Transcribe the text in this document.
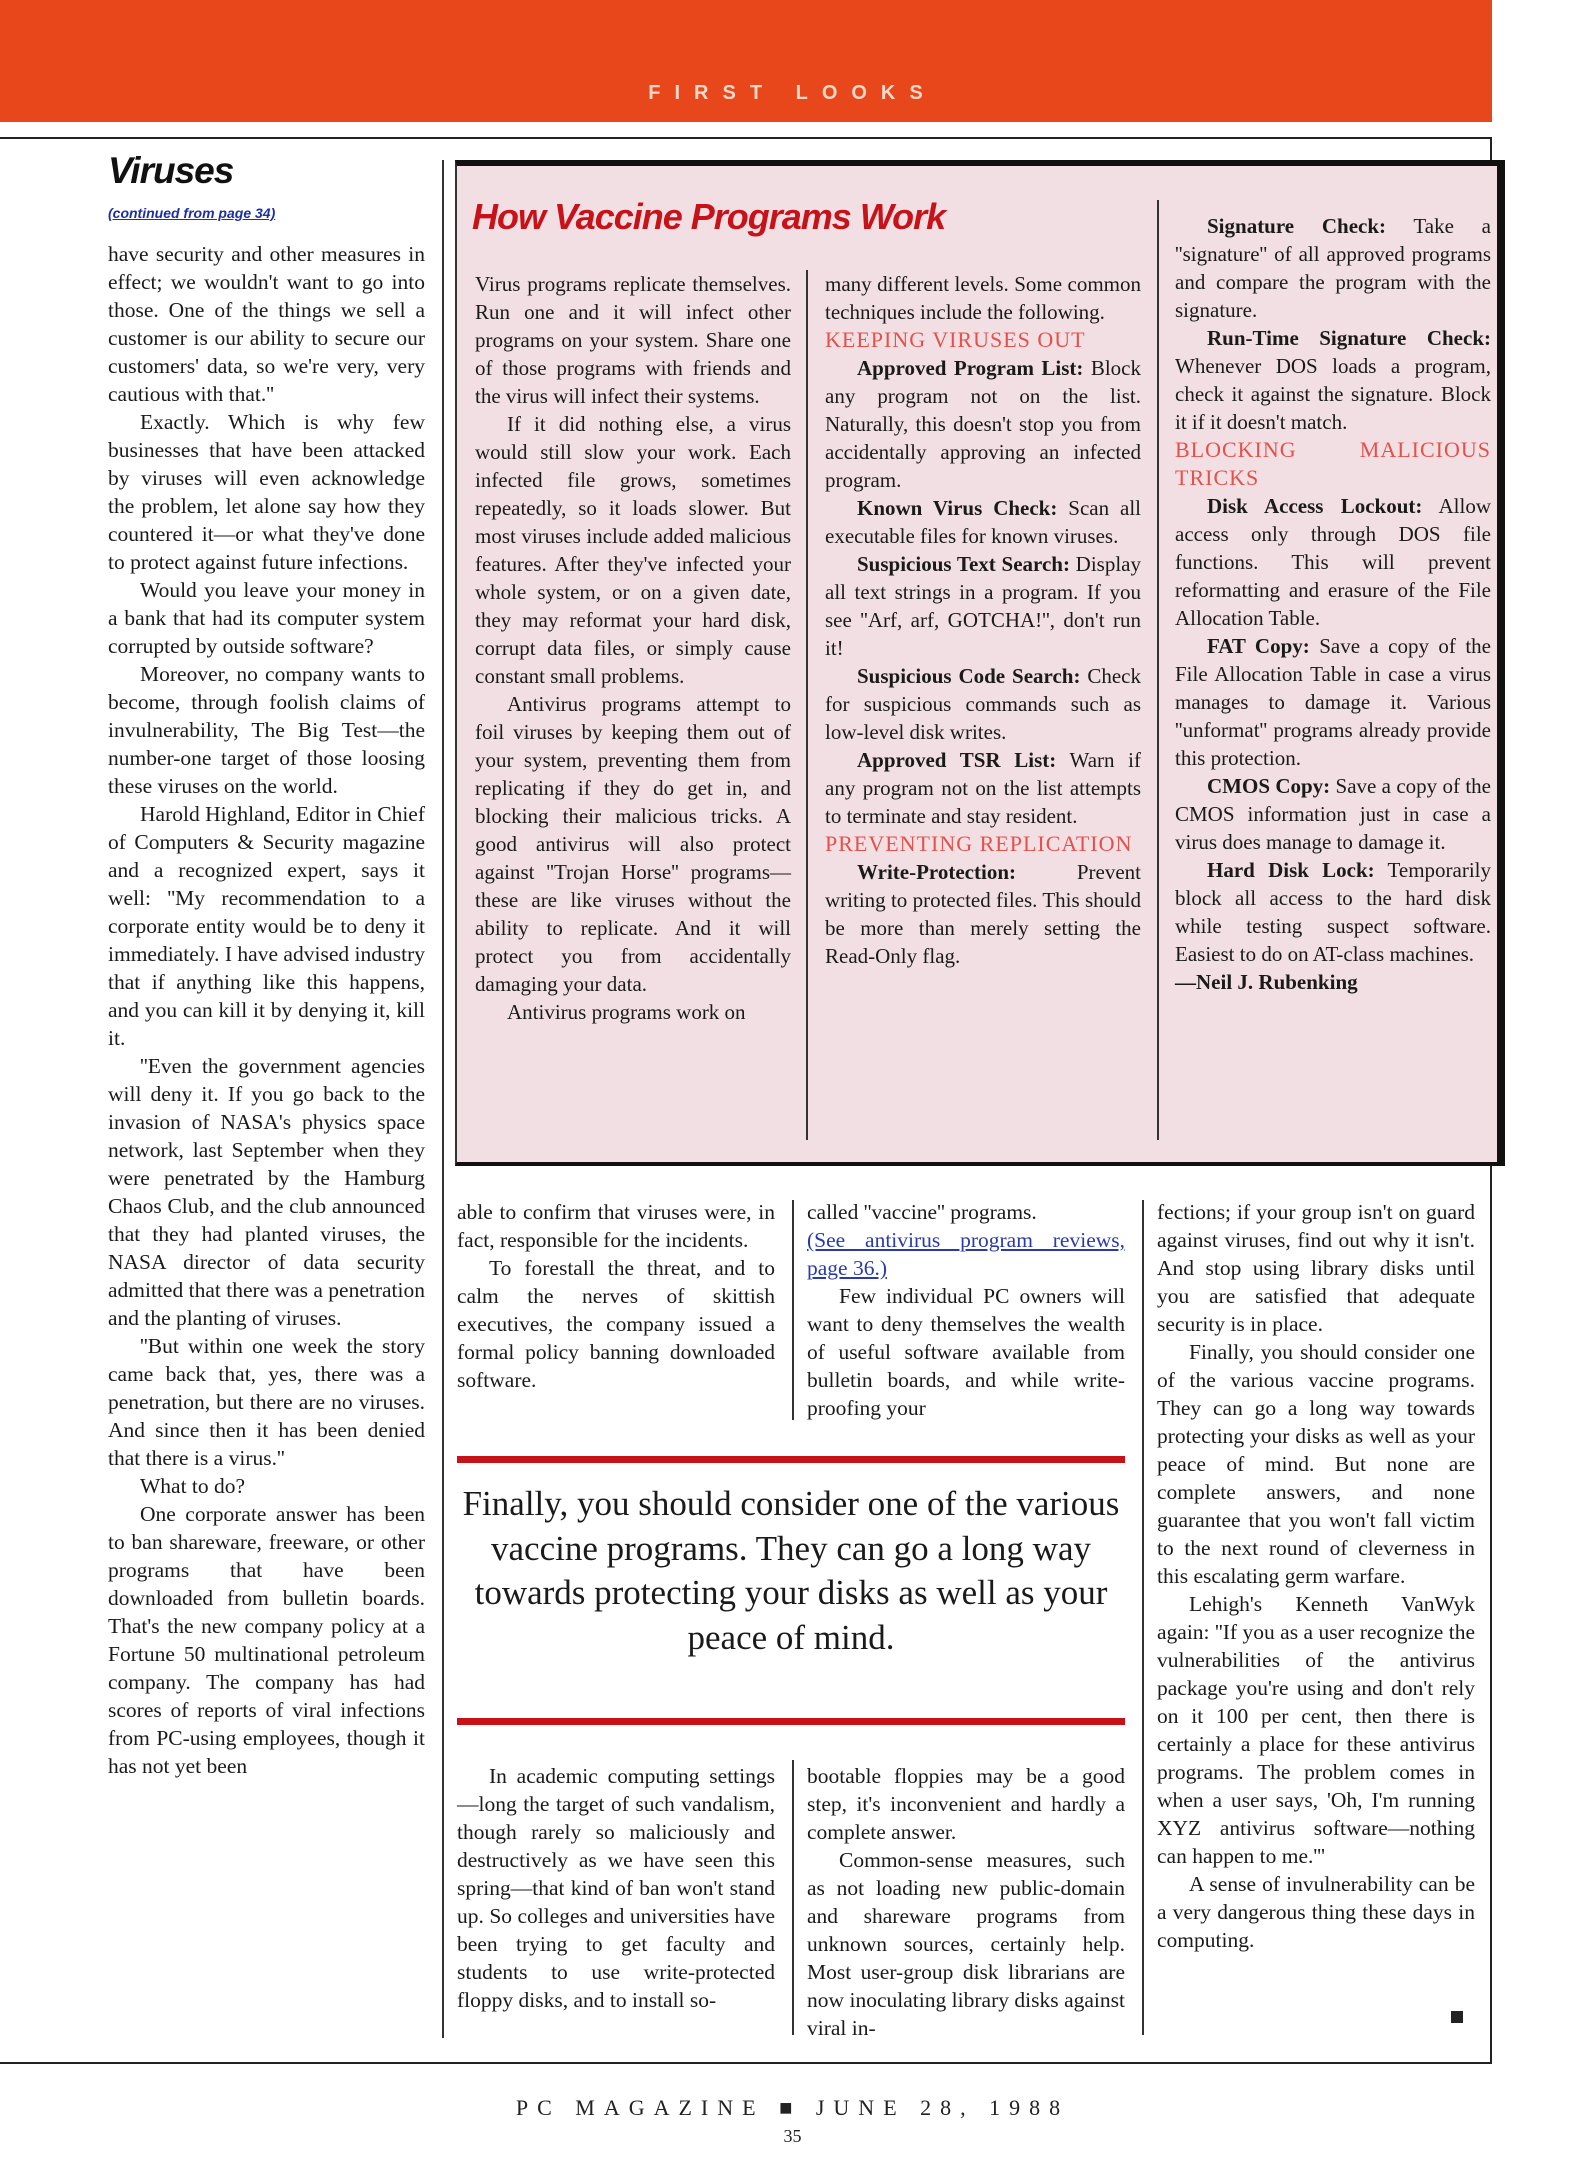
FIRST LOOKS
Viruses
(continued from page 34)

have security and other measures in effect; we wouldn't want to go into those. One of the things we sell a customer is our ability to secure our customers' data, so we're very, very cautious with that.''

Exactly. Which is why few businesses that have been attacked by viruses will even acknowledge the problem, let alone say how they countered it—or what they've done to protect against future infections.

Would you leave your money in a bank that had its computer system corrupted by outside software?

Moreover, no company wants to become, through foolish claims of invulnerability, The Big Test—the number-one target of those loosing these viruses on the world.

Harold Highland, Editor in Chief of Computers & Security magazine and a recognized expert, says it well: ''My recommendation to a corporate entity would be to deny it immediately. I have advised industry that if anything like this happens, and you can kill it by denying it, kill it.

''Even the government agencies will deny it. If you go back to the invasion of NASA's physics space network, last September when they were penetrated by the Hamburg Chaos Club, and the club announced that they had planted viruses, the NASA director of data security admitted that there was a penetration and the planting of viruses.

''But within one week the story came back that, yes, there was a penetration, but there are no viruses. And since then it has been denied that there is a virus.''

What to do?

One corporate answer has been to ban shareware, freeware, or other programs that have been downloaded from bulletin boards. That's the new company policy at a Fortune 50 multinational petroleum company. The company has had scores of reports of viral infections from PC-using employees, though it has not yet been

How Vaccine Programs Work

Virus programs replicate themselves. Run one and it will infect other programs on your system. Share one of those programs with friends and the virus will infect their systems.

If it did nothing else, a virus would still slow your work. Each infected file grows, sometimes repeatedly, so it loads slower. But most viruses include added malicious features. After they've infected your whole system, or on a given date, they may reformat your hard disk, corrupt data files, or simply cause constant small problems.

Antivirus programs attempt to foil viruses by keeping them out of your system, preventing them from replicating if they do get in, and blocking their malicious tricks. A good antivirus will also protect against ''Trojan Horse'' programs—these are like viruses without the ability to replicate. And it will protect you from accidentally damaging your data.

Antivirus programs work on

many different levels. Some common techniques include the following.

KEEPING VIRUSES OUT

Approved Program List: Block any program not on the list. Naturally, this doesn't stop you from accidentally approving an infected program.

Known Virus Check: Scan all executable files for known viruses.

Suspicious Text Search: Display all text strings in a program. If you see ''Arf, arf, GOTCHA!'', don't run it!

Suspicious Code Search: Check for suspicious commands such as low-level disk writes.

Approved TSR List: Warn if any program not on the list attempts to terminate and stay resident.

PREVENTING REPLICATION

Write-Protection: Prevent writing to protected files. This should be more than merely setting the Read-Only flag.

Signature Check: Take a ''signature'' of all approved programs and compare the program with the signature.

Run-Time Signature Check: Whenever DOS loads a program, check it against the signature. Block it if it doesn't match.

BLOCKING MALICIOUS TRICKS

Disk Access Lockout: Allow access only through DOS file functions. This will prevent reformatting and erasure of the File Allocation Table.

FAT Copy: Save a copy of the File Allocation Table in case a virus manages to damage it. Various ''unformat'' programs already provide this protection.

CMOS Copy: Save a copy of the CMOS information just in case a virus does manage to damage it.

Hard Disk Lock: Temporarily block all access to the hard disk while testing suspect software. Easiest to do on AT-class machines.

—Neil J. Rubenking

able to confirm that viruses were, in fact, responsible for the incidents.

To forestall the threat, and to calm the nerves of skittish executives, the company issued a formal policy banning downloaded software.

called ''vaccine'' programs.

(See antivirus program reviews, page 36.)

Few individual PC owners will want to deny themselves the wealth of useful software available from bulletin boards, and while write-proofing your

Finally, you should consider one of the various vaccine programs. They can go a long way towards protecting your disks as well as your peace of mind.

In academic computing settings—long the target of such vandalism, though rarely so maliciously and destructively as we have seen this spring—that kind of ban won't stand up. So colleges and universities have been trying to get faculty and students to use write-protected floppy disks, and to install so-

bootable floppies may be a good step, it's inconvenient and hardly a complete answer.

Common-sense measures, such as not loading new public-domain and shareware programs from unknown sources, certainly help. Most user-group disk librarians are now inoculating library disks against viral in-

fections; if your group isn't on guard against viruses, find out why it isn't. And stop using library disks until you are satisfied that adequate security is in place.

Finally, you should consider one of the various vaccine programs. They can go a long way towards protecting your disks as well as your peace of mind. But none are complete answers, and none guarantee that you won't fall victim to the next round of cleverness in this escalating germ warfare.

Lehigh's Kenneth VanWyk again: ''If you as a user recognize the vulnerabilities of the antivirus package you're using and don't rely on it 100 per cent, then there is certainly a place for these antivirus programs. The problem comes in when a user says, 'Oh, I'm running XYZ antivirus software—nothing can happen to me.'''

A sense of invulnerability can be a very dangerous thing these days in computing.

PC MAGAZINE ■ JUNE 28, 1988
35
